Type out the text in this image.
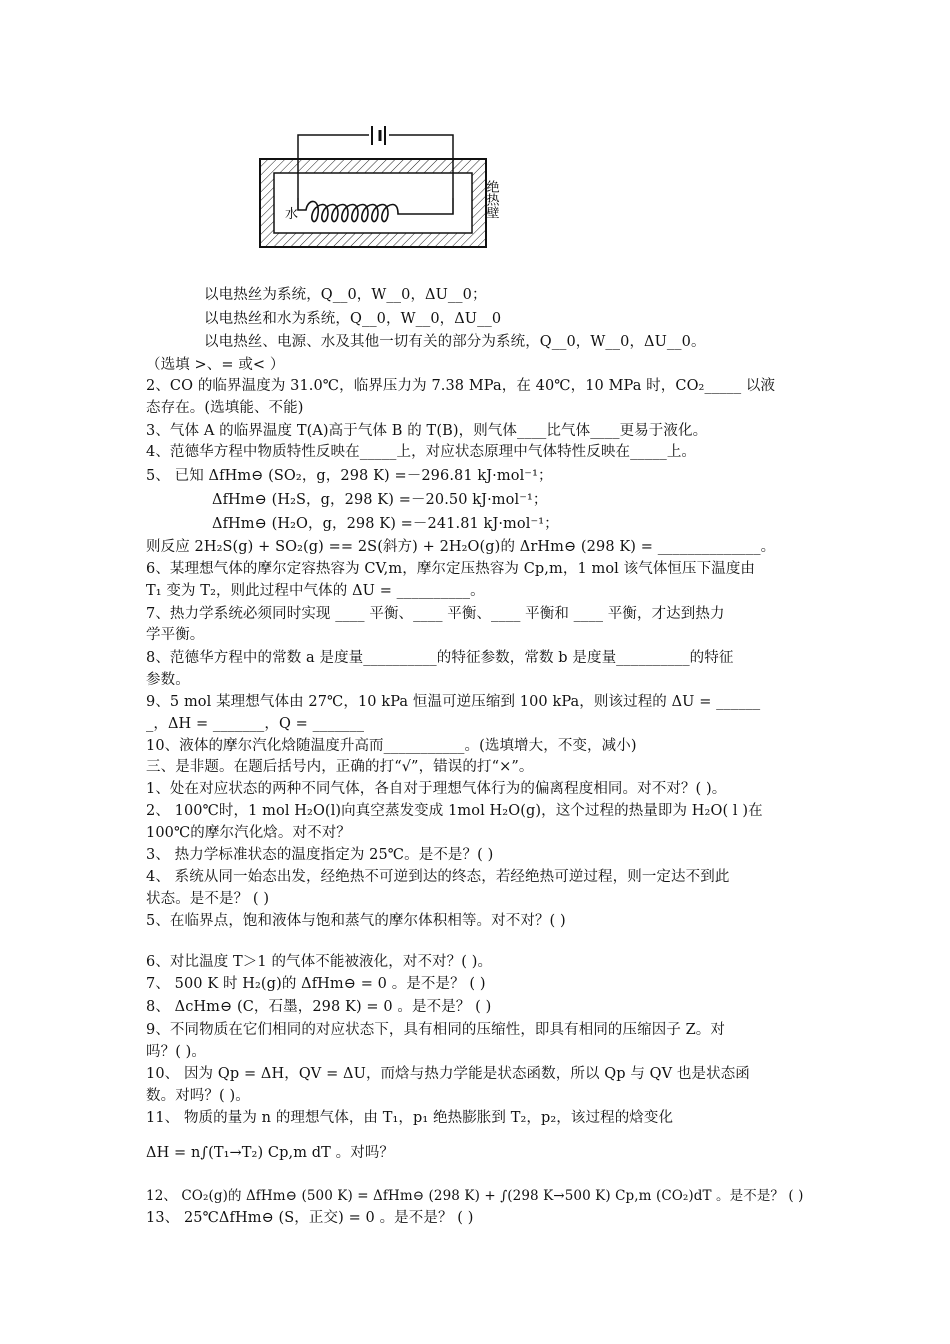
水	绝热壁
以电热丝为系统，Q__0，W__0，ΔU__0；
以电热丝和水为系统，Q__0，W__0，ΔU__0
以电热丝、电源、水及其他一切有关的部分为系统，Q__0，W__0，ΔU__0。
（选填 >、= 或< ）
2、CO 的临界温度为 31.0℃，临界压力为 7.38 MPa，在 40℃，10 MPa 时，CO₂_____ 以液
态存在。(选填能、不能)
3、气体 A 的临界温度 T(A)高于气体 B 的 T(B)，则气体____比气体____更易于液化。
4、范德华方程中物质特性反映在_____上，对应状态原理中气体特性反映在_____上。
5、 已知 ΔfHm⊖ (SO₂，g，298 K) =－296.81 kJ·mol⁻¹；
ΔfHm⊖ (H₂S，g，298 K) =－20.50 kJ·mol⁻¹；
ΔfHm⊖ (H₂O，g，298 K) =－241.81 kJ·mol⁻¹；
则反应 2H₂S(g) + SO₂(g) == 2S(斜方) + 2H₂O(g)的 ΔrHm⊖ (298 K) = ______________。
6、某理想气体的摩尔定容热容为 CV,m，摩尔定压热容为 Cp,m，1 mol 该气体恒压下温度由
T₁ 变为 T₂，则此过程中气体的 ΔU = __________。
7、热力学系统必须同时实现 ____ 平衡、____ 平衡、____ 平衡和 ____ 平衡，才达到热力
学平衡。
8、范德华方程中的常数 a 是度量__________的特征参数，常数 b 是度量__________的特征
参数。
9、5 mol 某理想气体由 27℃，10 kPa 恒温可逆压缩到 100 kPa，则该过程的 ΔU = ______
_，ΔH = _______，Q = _______
10、液体的摩尔汽化焓随温度升高而___________。(选填增大，不变，减小)
三、是非题。在题后括号内，正确的打“√”，错误的打“×”。
1、处在对应状态的两种不同气体，各自对于理想气体行为的偏离程度相同。对不对？( )。
2、 100℃时，1 mol H₂O(l)向真空蒸发变成 1mol H₂O(g)，这个过程的热量即为 H₂O( l )在
100℃的摩尔汽化焓。对不对？
3、 热力学标准状态的温度指定为 25℃。是不是？( )
4、 系统从同一始态出发，经绝热不可逆到达的终态，若经绝热可逆过程，则一定达不到此
状态。是不是？ ( )
5、在临界点，饱和液体与饱和蒸气的摩尔体积相等。对不对？( )
6、对比温度 T＞1 的气体不能被液化，对不对？( )。
7、 500 K 时 H₂(g)的 ΔfHm⊖ = 0 。是不是？ ( )
8、 ΔcHm⊖ (C，石墨，298 K) = 0 。是不是？ ( )
9、不同物质在它们相同的对应状态下，具有相同的压缩性，即具有相同的压缩因子 Z。对
吗？( )。
10、 因为 Qp = ΔH，QV = ΔU，而焓与热力学能是状态函数，所以 Qp 与 QV 也是状态函
数。对吗？( )。
11、 物质的量为 n 的理想气体，由 T₁，p₁ 绝热膨胀到 T₂，p₂，该过程的焓变化
ΔH = n∫(T₁→T₂) Cp,m dT 。对吗？
12、 CO₂(g)的 ΔfHm⊖ (500 K) = ΔfHm⊖ (298 K) + ∫(298 K→500 K) Cp,m (CO₂)dT 。是不是？ ( )
13、 25℃ΔfHm⊖ (S，正交) = 0 。是不是？ ( )
